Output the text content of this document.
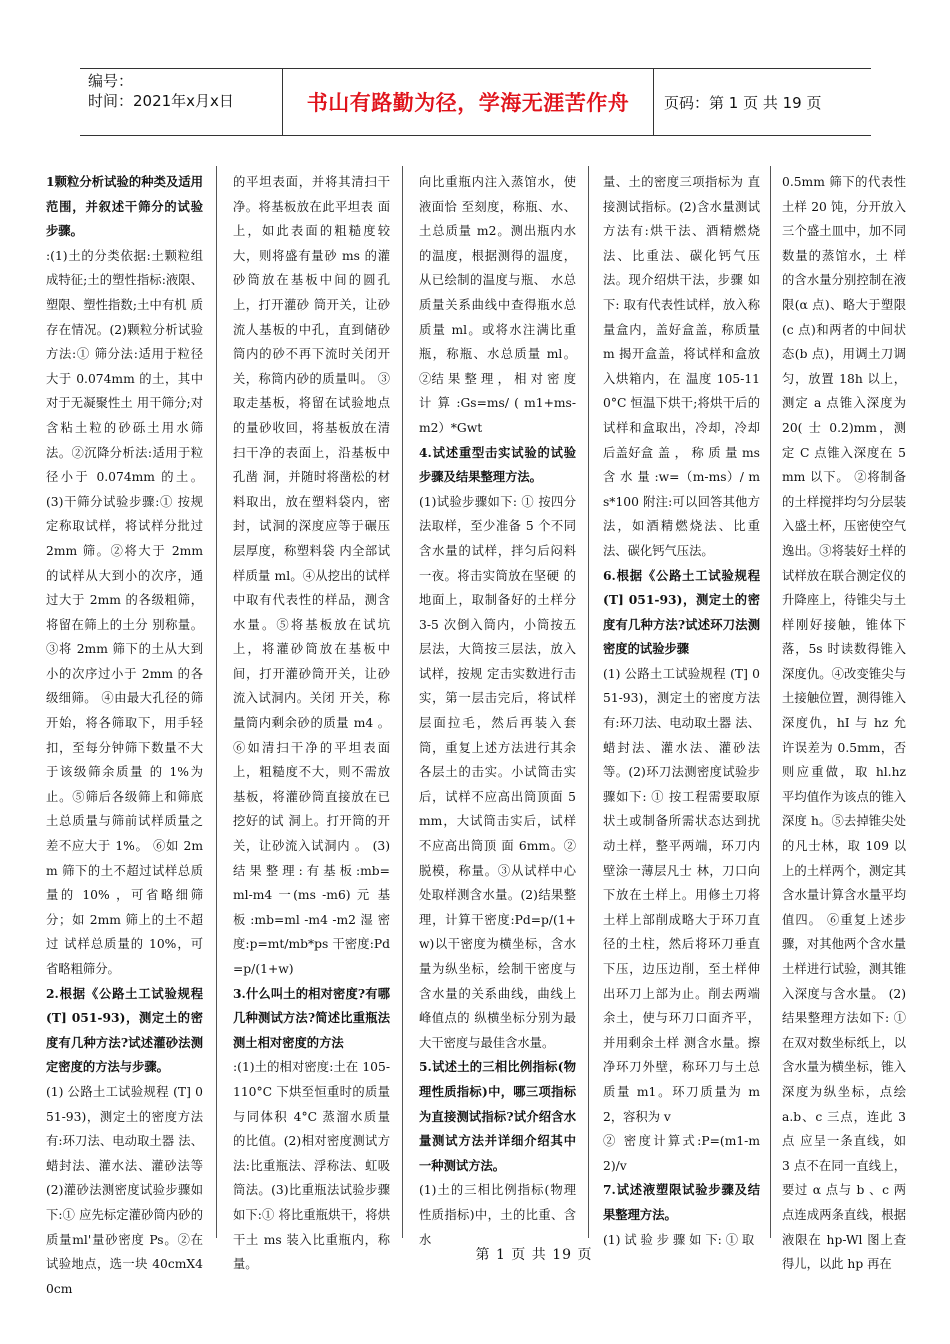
编号：
时间：2021年x月x日	书山有路勤为径，学海无涯苦作舟 页码：第 1 页 共 19 页

1颗粒分析试验的种类及适用范围，并叙述干筛分的试验步骤。

:(1)土的分类依据:土颗粒组成特征;土的塑性指标:液限、塑限、塑性指数;土中有机 质存在情况。(2)颗粒分析试验方法:① 筛分法:适用于粒径大于 0.074mm 的土，其中对于无凝聚性土 用干筛分;对含粘土粒的砂砾土用水筛法。②沉降分析法:适用于粒径小于 0.074mm 的土。(3)干筛分试验步骤:① 按规定称取试样，将试样分批过 2mm 筛。②将大于 2mm 的试样从大到小的次序，通过大于 2mm 的各级粗筛，将留在筛上的土分 别称量。③将 2mm 筛下的土从大到小的次序过小于 2mm 的各级细筛。 ④由最大孔径的筛开始，将各筛取下，用手轻扣，至每分钟筛下数量不大于该级筛余质量 的 1%为止。⑤筛后各级筛上和筛底土总质量与筛前试样质量之差不应大于 1%。 ⑥如 2mm 筛下的土不超过试样总质量的 10% ，可省略细筛分；如 2mm 筛上的土不超过 试样总质量的 10%，可省略粗筛分。

2.根据《公路土工试验规程(T] 051-93)，测定土的密度有几种方法?试述灌砂法测定密度的方法与步骤。

(1) 公路土工试验规程 (T] 051-93)，测定土的密度方法有:环刀法、电动取土器 法、蜡封法、灌水法、灌砂法等(2)灌砂法测密度试验步骤如下:① 应先标定灌砂筒内砂的质量ml'量砂密度 Ps。②在试验地点，选一块 40cmX40cm

的平坦表面，并将其清扫干净。将基板放在此平坦表 面上，如此表面的粗糙度较大，则将盛有量砂 ms 的灌砂筒放在基板中间的圆孔上，打开灌砂 筒开关，让砂流人基板的中孔，直到储砂筒内的砂不再下流时关闭开关，称筒内砂的质量叫。 ③取走基板，将留在试验地点的量砂收回，将基板放在清扫干净的表面上，沿基板中孔凿 洞，并随时将凿松的材料取出，放在塑料袋内，密封，试洞的深度应等于碾压层厚度，称塑料袋 内全部试样质量 ml。④从挖出的试样中取有代表性的样品，测含水量。⑤将基板放在试坑上，将灌砂筒放在基板中间，打开灌砂筒开关，让砂流入试洞内。关闭 开关，称量筒内剩余砂的质量 m4 。⑥如清扫干净的平坦表面上，粗糙度不大，则不需放基板，将灌砂筒直接放在已挖好的试 洞上。打开筒的开关，让砂流入试洞内 。 (3) 结 果 整 理 : 有 基 板 :mb=ml-m4 一(ms -m6) 元 基 板 :mb=ml -m4 -m2 湿 密 度:p=mt/mb*ps 干密度:Pd=p/(1+w)

3.什么叫土的相对密度?有哪几种测试方法?简述比重瓶法测土相对密度的方法

:(1)土的相对密度:土在 105-110°C 下烘至恒重时的质量与同体积 4°C 蒸溜水质量 的比值。(2)相对密度测试方法:比重瓶法、浮称法、虹吸筒法。(3)比重瓶法试验步骤如下:① 将比重瓶烘干，将烘干土 ms 装入比重瓶内，称量。

向比重瓶内注入蒸馆水，使液面恰 至刻度，称瓶、水、土总质量 m2。测出瓶内水的温度，根据测得的温度，从已绘制的温度与瓶、 水总质量关系曲线中查得瓶水总质量 ml。或将水注满比重瓶，称瓶、水总质量 ml。 ②结 果 整 理 ， 相 对 密 度 计 算 :Gs=ms/ ( m1+ms-m2）*Gwt

4.试述重型击实试验的试验步骤及结果整理方法。

(1)试验步骤如下: ① 按四分法取样，至少准备 5 个不同含水量的试样，拌匀后闷料一夜。将击实筒放在坚硬 的地面上，取制备好的土样分 3-5 次倒入筒内，小筒按五层法，大筒按三层法，放入试样，按规 定击实数进行击实，第一层击完后，将试样层面拉毛，然后再装入套筒，重复上述方法进行其余 各层土的击实。小试筒击实后，试样不应高出筒顶面 5mm，大试筒击实后，试样不应高出筒顶 面 6mm。②脱模，称量。③从试样中心处取样测含水量。(2)结果整理，计算干密度:Pd=p/(1+w)以干密度为横坐标，含水量为纵坐标，绘制干密度与含水量的关系曲线，曲线上峰值点的 纵横坐标分别为最大干密度与最佳含水量。

5.试述土的三相比例指标(物理性质指标)中，哪三项指标为直接测试指标?试介绍含水量测试方法并详细介绍其中一种测试方法。

(1)土的三相比例指标(物理性质指标)中，土的比重、含水

量、土的密度三项指标为 直接测试指标。(2)含水量测试方法有:烘干法、酒精燃烧法、比重法、碳化钙气压法。现介绍烘干法，步骤 如下: 取有代表性试样，放入称量盒内，盖好盒盖，称质量 m 揭开盒盖，将试样和盒放入烘箱内，在 温度 105-110°C 恒温下烘干;将烘干后的试样和盒取出，冷却，冷却后盖好盒 盖 ， 称 质 量 ms 含 水 量 :w=（m-ms）/ ms*100 附注:可以回答其他方法，如酒精燃烧法、比重法、碳化钙气压法。

6.根据《公路土工试验规程(T] 051-93)，测定土的密度有几种方法?试述环刀法测密度的试验步骤

(1) 公路土工试验规程 (T] 051-93)，测定土的密度方法有:环刀法、电动取土器 法、蜡封法、灌水法、灌砂法等。(2)环刀法测密度试验步骤如下: ① 按工程需要取原状土或制备所需状态达到扰动土样，整平两端，环刀内壁涂一薄层凡士 林，刀口向下放在土样上。用修土刀将土样上部削成略大于环刀直径的土柱，然后将环刀垂直下压，边压边削，至土样伸出环刀上部为止。削去两端余土，使与环刀口面齐平，并用剩余土样 测含水量。擦净环刀外壁，称环刀与土总质量 m1。环刀质量为 m2，容积为 v

② 密度计算式:P=(m1-m2)/v

7.试述液塑限试验步骤及结果整理方法。

(1) 试 验 步 骤 如 下: ① 取

0.5mm 筛下的代表性土样 20 饨，分开放入三个盛土皿中，加不同数量的蒸馆水，土 样的含水量分别控制在液限(α 点)、略大于塑限(c 点)和两者的中间状态(b 点)，用调土刀调 匀，放置 18h 以上，测定 a 点锥入深度为 20( 士 0.2)mm，测定 C 点锥入深度在 5mm 以下。 ②将制备的土样搅拌均匀分层装入盛土杯，压密使空气逸出。③将装好土样的试样放在联合测定仪的升降座上，待锥尖与土样刚好接触，锥体下落，5s 时读数得锥入深度仇。④改变锥尖与土接触位置，测得锥入深度仇，hI 与 hz 允许误差为 0.5mm，否则应重做，取 hl.hz 平均值作为该点的锥入深度 h。⑤去掉锥尖处的凡士林，取 109 以上的土样两个，测定其含水量计算含水量平均值四。 ⑥重复上述步骤，对其他两个含水量土样进行试验，测其锥入深度与含水量。 (2)结果整理方法如下: ① 在双对数坐标纸上，以含水量为横坐标，锥入深度为纵坐标，点绘 a.b、c 三点，连此 3 点 应呈一条直线，如 3 点不在同一直线上，要过 α 点与 b 、c 两点连成两条直线，根据液限在 hp-Wl 图上查得儿，以此 hp 再在

第 1 页 共 19 页
